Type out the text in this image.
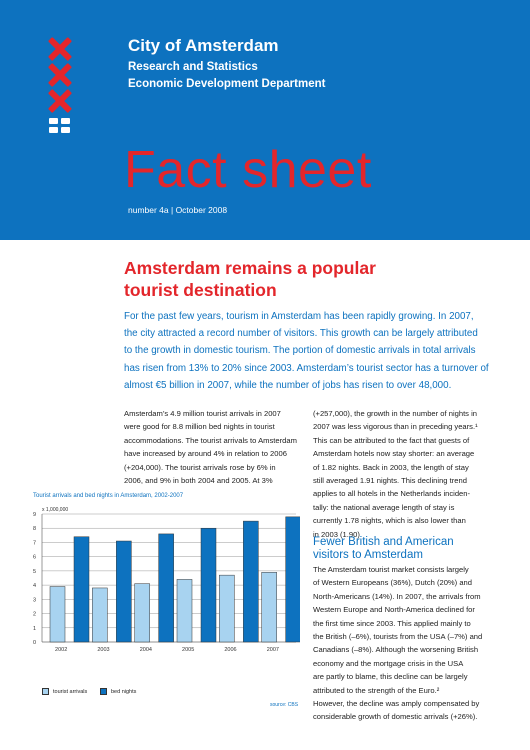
City of Amsterdam
Research and Statistics
Economic Development Department
Fact sheet
number 4a | October 2008
Amsterdam remains a popular
tourist destination
For the past few years, tourism in Amsterdam has been rapidly growing. In 2007,
the city attracted a record number of visitors. This growth can be largely attributed
to the growth in domestic tourism. The portion of domestic arrivals in total arrivals
has risen from 13% to 20% since 2003. Amsterdam’s tourist sector has a turnover of
almost €5 billion in 2007, while the number of jobs has risen to over 48,000.
Amsterdam’s 4.9 million tourist arrivals in 2007
were good for 8.8 million bed nights in tourist
accommodations. The tourist arrivals to Amsterdam
have increased by around 4% in relation to 2006
(+204,000). The tourist arrivals rose by 6% in
2006, and 9% in both 2004 and 2005. At 3%
(+257,000), the growth in the number of nights in
2007 was less vigorous than in preceding years.¹
This can be attributed to the fact that guests of
Amsterdam hotels now stay shorter: an average
of 1.82 nights. Back in 2003, the length of stay
still averaged 1.91 nights. This declining trend
applies to all hotels in the Netherlands inciden-
tally: the national average length of stay is
currently 1.78 nights, which is also lower than
in 2003 (1.90).
Fewer British and American
visitors to Amsterdam
The Amsterdam tourist market consists largely
of Western Europeans (36%), Dutch (20%) and
North-Americans (14%). In 2007, the arrivals from
Western Europe and North-America declined for
the first time since 2003. This applied mainly to
the British (–6%), tourists from the USA (–7%) and
Canadians (–8%). Although the worsening British
economy and the mortgage crisis in the USA
are partly to blame, this decline can be largely
attributed to the strength of the Euro.²
However, the decline was amply compensated by
considerable growth of domestic arrivals (+26%).
Tourist arrivals and bed nights in Amsterdam, 2002-2007
x 1,000,000
0
1
2
3
4
5
6
7
8
9
2002	2003	2004	2005	2006	2007
tourist arrivals	bed nights
source: CBS
